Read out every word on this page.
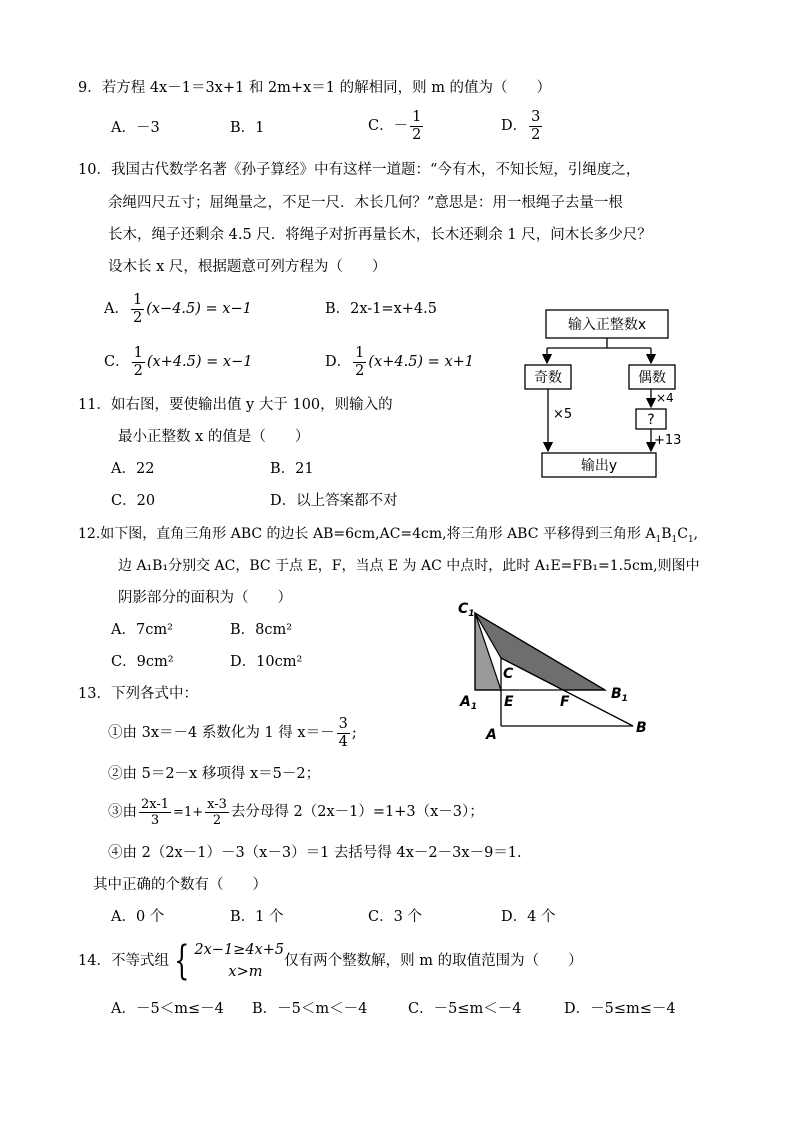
9．若方程 4x－1＝3x+1 和 2m+x＝1 的解相同，则 m 的值为（　　）
A．－3	B．1	C．－ $\frac{1}{2}$	D． $\frac{3}{2}$
10．我国古代数学名著《孙子算经》中有这样一道题：“今有木，不知长短，引绳度之，
余绳四尺五寸；屈绳量之，不足一尺．木长几何？”意思是：用一根绳子去量一根
长木，绳子还剩余 4.5 尺．将绳子对折再量长木，长木还剩余 1 尺，问木长多少尺？
设木长 x 尺，根据题意可列方程为（　　）
A． $\frac{1}{2} (x-4.5) = x-1$	B．2x-1=x+4.5
C． $\frac{1}{2} (x+4.5) = x-1$	D． $\frac{1}{2} (x+4.5) = x+1$
输入正整数x
奇数	偶数
×5
×4
?
+13
输出y
11．如右图，要使输出值 y 大于 100，则输入的
最小正整数 x 的值是（　　）
A．22	B．21
C．20	D．以上答案都不对
12.如下图，直角三角形 ABC 的边长 AB=6cm,AC=4cm,将三角形 ABC 平移得到三角形 $A_1B_1C_1$,
边 A₁B₁分别交 AC，BC 于点 E，F，当点 E 为 AC 中点时，此时 A₁E=FB₁=1.5cm,则图中
阴影部分的面积为（　　）
A．7cm²	B．8cm²
C．9cm²	D．10cm²
$C_1$
C
$A_1$ E	F	$B_1$
A	B
13．下列各式中：
①由 3x＝－4 系数化为 1 得 $x=- \frac{3}{4}$ ;
②由 5＝2－x 移项得 x＝5－2；
③由 $\frac{2x-1}{3} =1+ \frac{x-3}{2}$ 去分母得 2（2x－1）=1+3（x－3）；
④由 2（2x－1）－3（x－3）＝1 去括号得 4x－2－3x－9＝1.
其中正确的个数有（　　）
A．0 个	B．1 个	C．3 个	D．4 个
14．不等式组 { 2x−1≥4x+5
x>m
仅有两个整数解，则 m 的取值范围为（　　）
A．－5＜m≤－4 B．－5＜m＜－4	C．－5≤m＜－4	D．－5≤m≤－4
